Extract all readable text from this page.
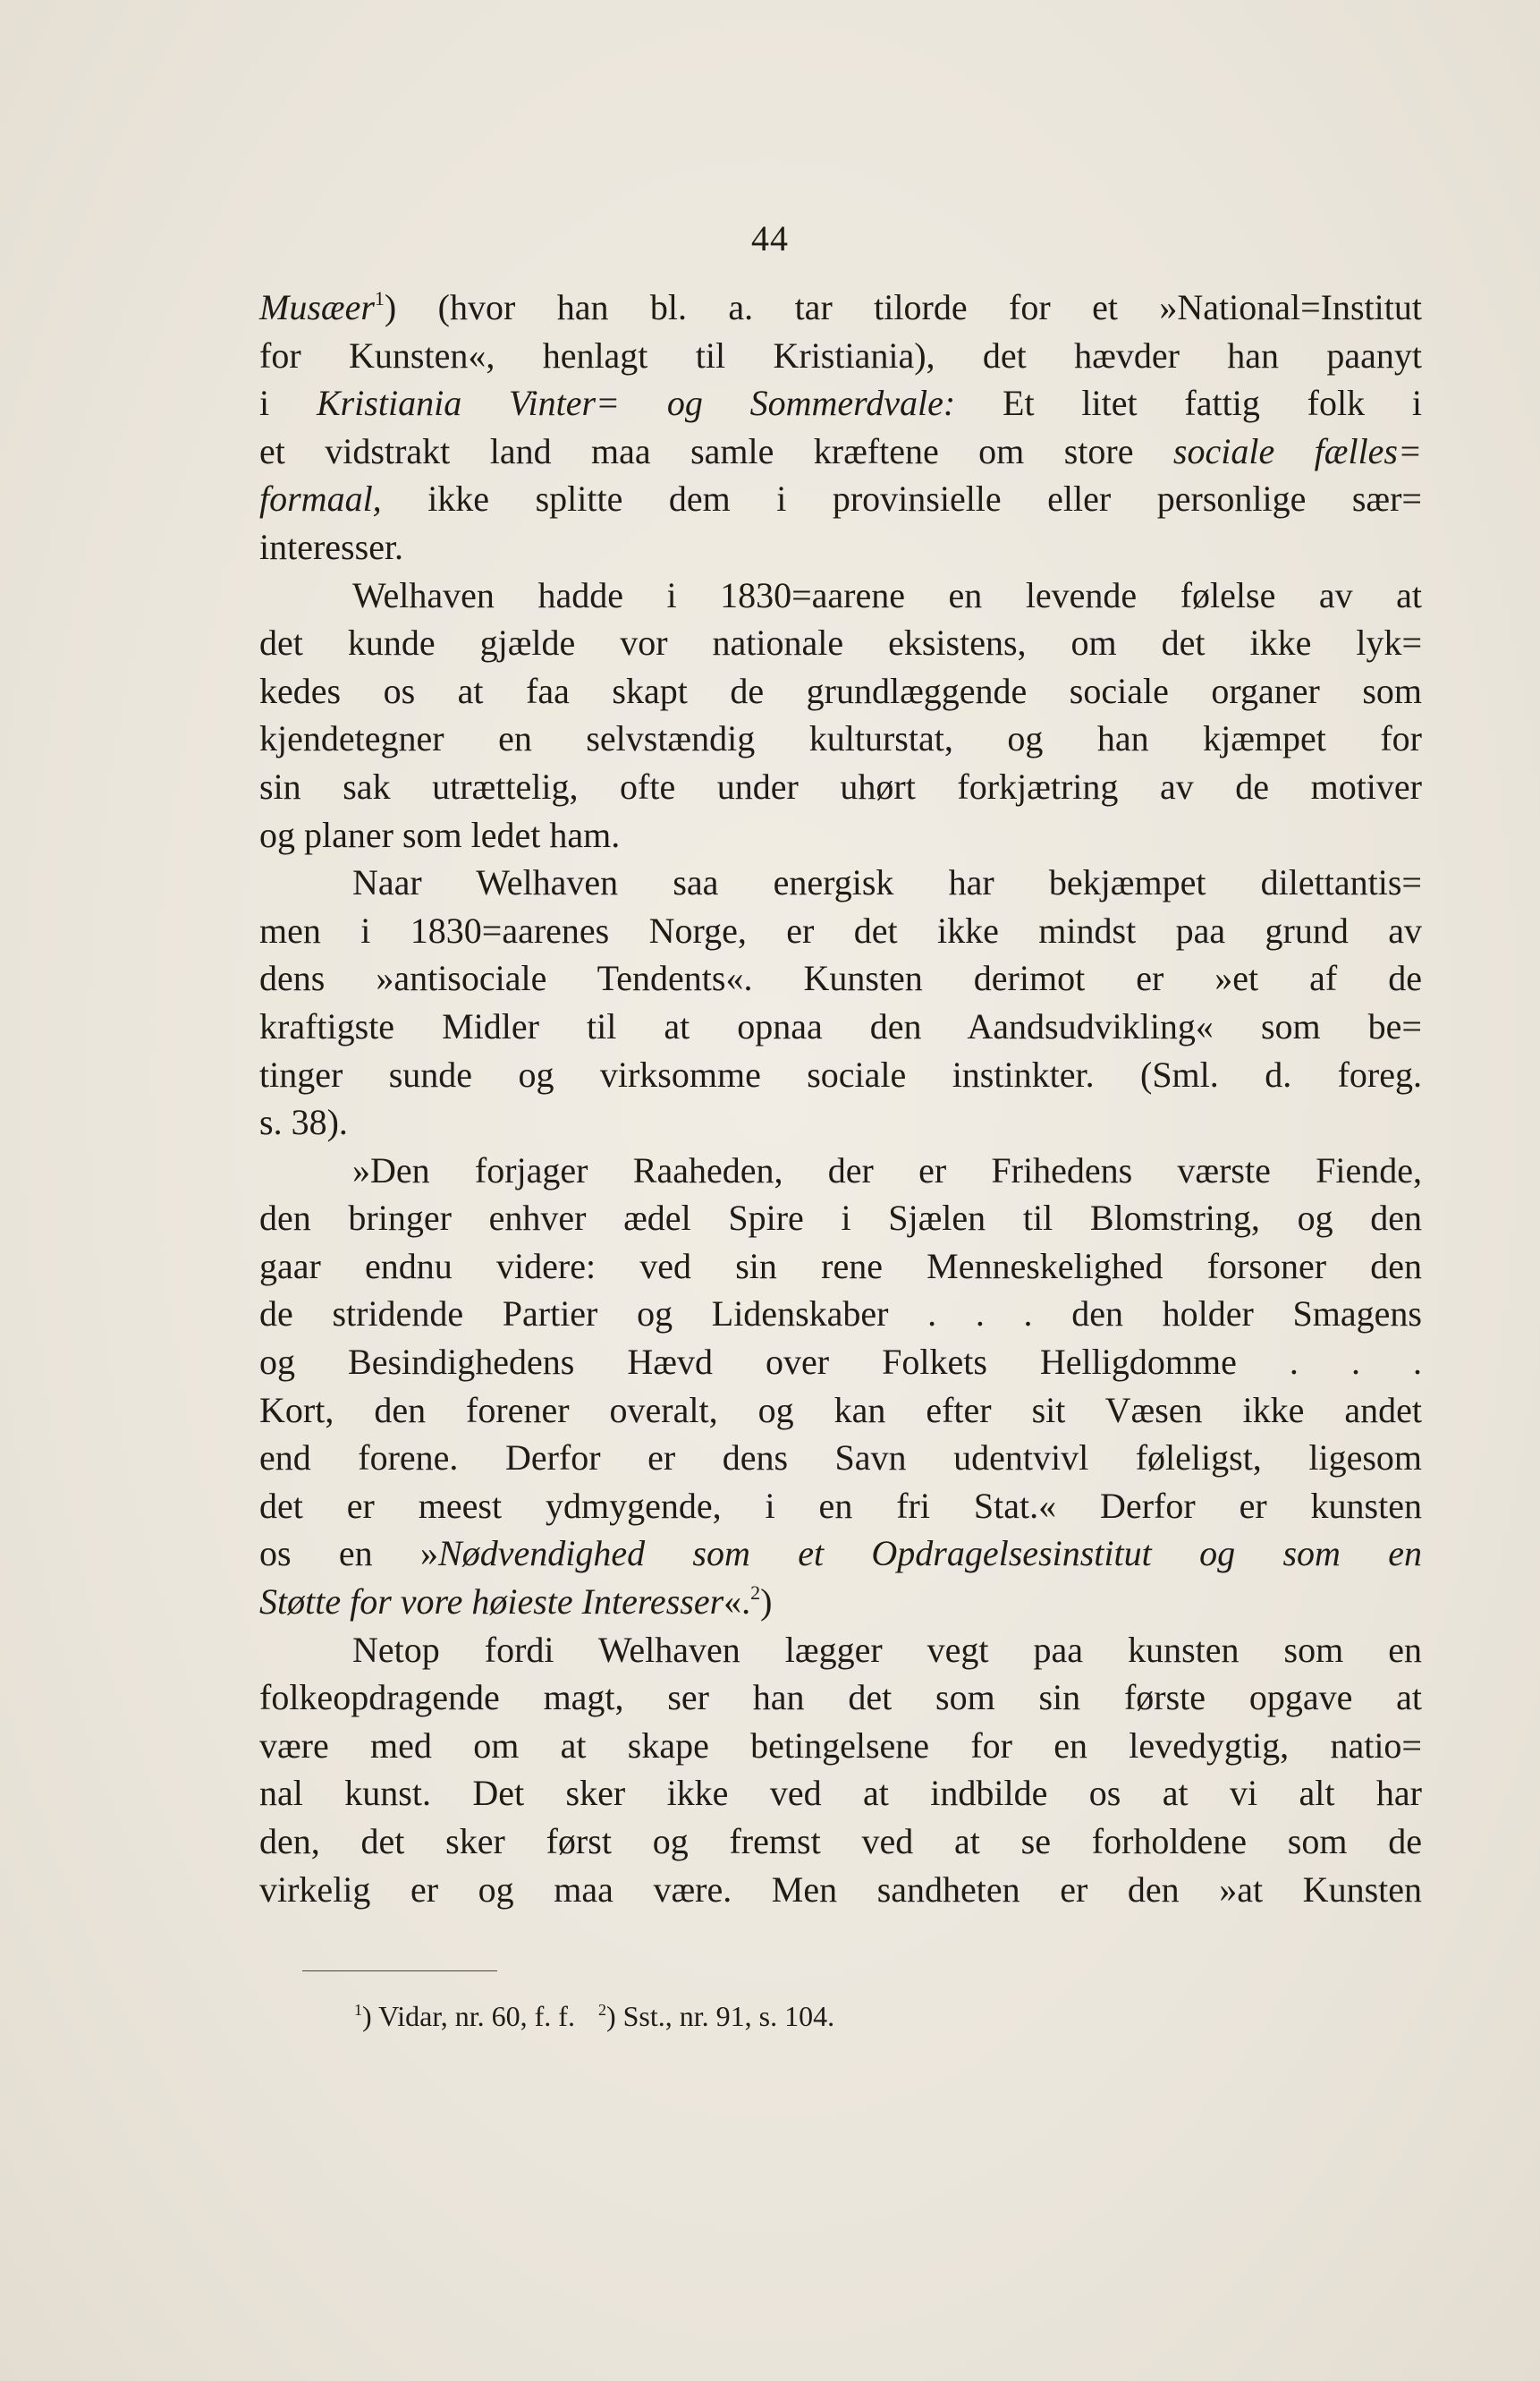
44
Musæer$^1$) (hvor han bl. a. tar tilorde for et »National=Institut
for Kunsten«, henlagt til Kristiania), det hævder han paanyt
i Kristiania Vinter= og Sommerdvale: Et litet fattig folk i
et vidstrakt land maa samle kræftene om store sociale fælles=
formaal, ikke splitte dem i provinsielle eller personlige sær=
interesser.
Welhaven hadde i 1830=aarene en levende følelse av at
det kunde gjælde vor nationale eksistens, om det ikke lyk=
kedes os at faa skapt de grundlæggende sociale organer som
kjendetegner en selvstændig kulturstat, og han kjæmpet for
sin sak utrættelig, ofte under uhørt forkjætring av de motiver
og planer som ledet ham.
Naar Welhaven saa energisk har bekjæmpet dilettantis=
men i 1830=aarenes Norge, er det ikke mindst paa grund av
dens »antisociale Tendents«. Kunsten derimot er »et af de
kraftigste Midler til at opnaa den Aandsudvikling« som be=
tinger sunde og virksomme sociale instinkter. (Sml. d. foreg.
s. 38).
»Den forjager Raaheden, der er Frihedens værste Fiende,
den bringer enhver ædel Spire i Sjælen til Blomstring, og den
gaar endnu videre: ved sin rene Menneskelighed forsoner den
de stridende Partier og Lidenskaber . . . den holder Smagens
og Besindighedens Hævd over Folkets Helligdomme . . .
Kort, den forener overalt, og kan efter sit Væsen ikke andet
end forene. Derfor er dens Savn udentvivl føleligst, ligesom
det er meest ydmygende, i en fri Stat.« Derfor er kunsten
os en »Nødvendighed som et Opdragelsesinstitut og som en
Støtte for vore høieste Interesser«.$^2$)
Netop fordi Welhaven lægger vegt paa kunsten som en
folkeopdragende magt, ser han det som sin første opgave at
være med om at skape betingelsene for en levedygtig, natio=
nal kunst. Det sker ikke ved at indbilde os at vi alt har
den, det sker først og fremst ved at se forholdene som de
virkelig er og maa være. Men sandheten er den »at Kunsten
$^1$) Vidar, nr. 60, f. f. $^2$) Sst., nr. 91, s. 104.
